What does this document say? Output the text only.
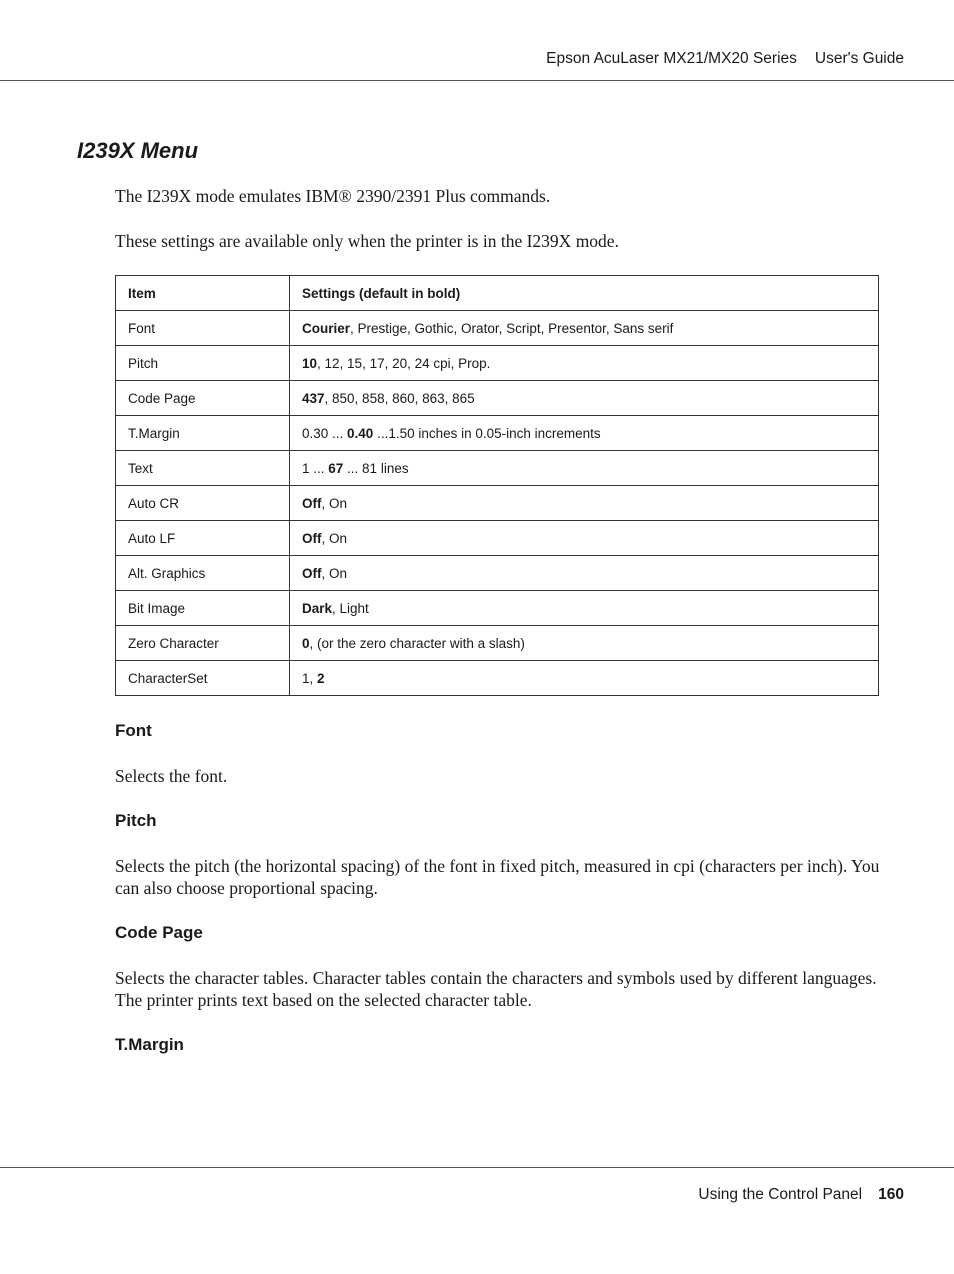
Epson AcuLaser MX21/MX20 Series User's Guide
I239X Menu

The I239X mode emulates IBM® 2390/2391 Plus commands.

These settings are available only when the printer is in the I239X mode.

Item	Settings (default in bold)
Font	Courier, Prestige, Gothic, Orator, Script, Presentor, Sans serif
Pitch	10, 12, 15, 17, 20, 24 cpi, Prop.
Code Page	437, 850, 858, 860, 863, 865
T.Margin	0.30 ... 0.40 ...1.50 inches in 0.05-inch increments
Text	1 ... 67 ... 81 lines
Auto CR	Off, On
Auto LF	Off, On
Alt. Graphics	Off, On
Bit Image	Dark, Light
Zero Character	0, (or the zero character with a slash)
CharacterSet	1, 2
Font

Selects the font.

Pitch

Selects the pitch (the horizontal spacing) of the font in fixed pitch, measured in cpi (characters per inch). You can also choose proportional spacing.

Code Page

Selects the character tables. Character tables contain the characters and symbols used by different languages. The printer prints text based on the selected character table.

T.Margin
Using the Control Panel 160
